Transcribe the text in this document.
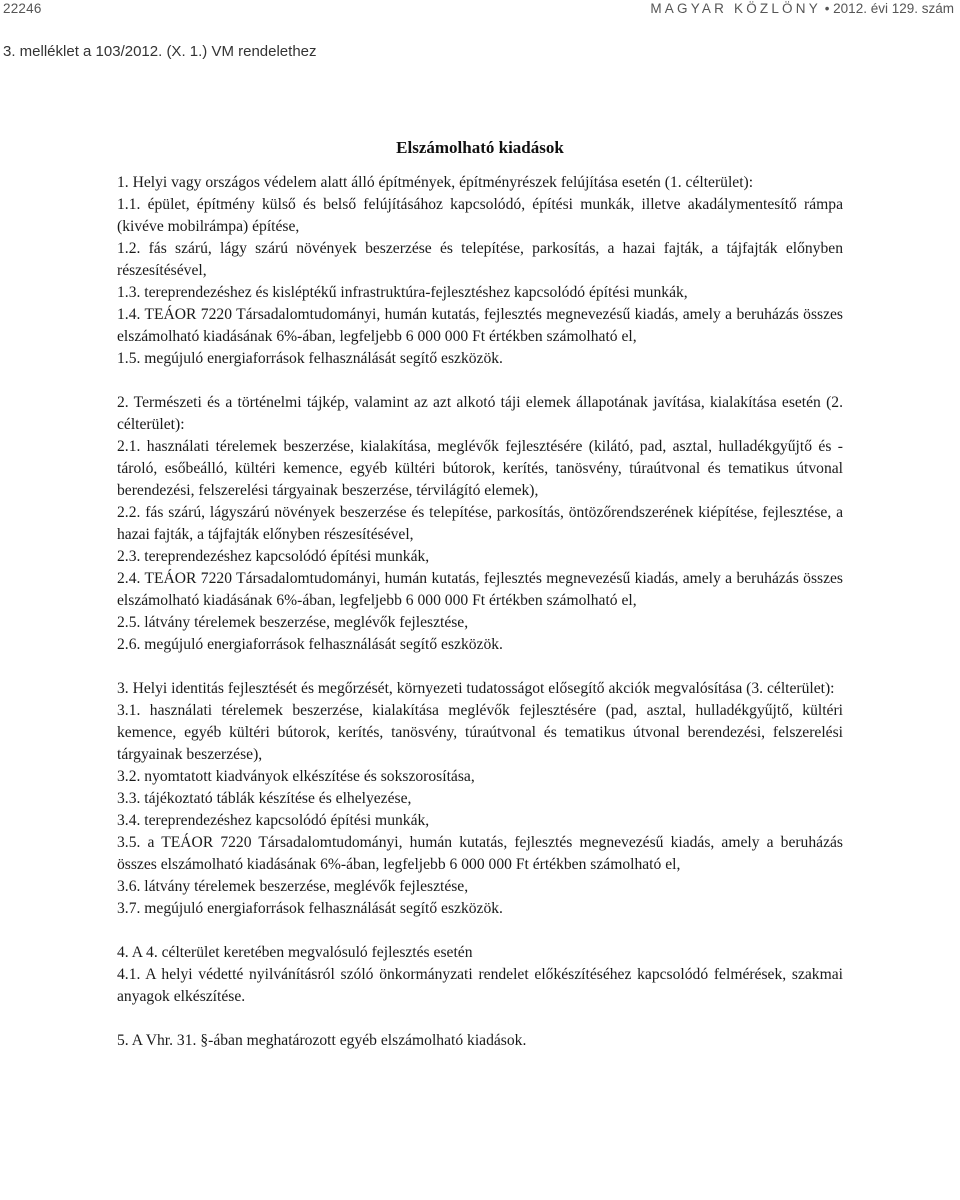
22246	MAGYAR KÖZLÖNY • 2012. évi 129. szám
3. melléklet a 103/2012. (X. 1.) VM rendelethez
Elszámolható kiadások

1. Helyi vagy országos védelem alatt álló építmények, építményrészek felújítása esetén (1. célterület):

1.1. épület, építmény külső és belső felújításához kapcsolódó, építési munkák, illetve akadálymentesítő rámpa (kivéve mobilrámpa) építése,

1.2. fás szárú, lágy szárú növények beszerzése és telepítése, parkosítás, a hazai fajták, a tájfajták előnyben részesítésével,

1.3. tereprendezéshez és kisléptékű infrastruktúra-fejlesztéshez kapcsolódó építési munkák,

1.4. TEÁOR 7220 Társadalomtudományi, humán kutatás, fejlesztés megnevezésű kiadás, amely a beruházás összes elszámolható kiadásának 6%-ában, legfeljebb 6 000 000 Ft értékben számolható el,

1.5. megújuló energiaforrások felhasználását segítő eszközök.

2. Természeti és a történelmi tájkép, valamint az azt alkotó táji elemek állapotának javítása, kialakítása esetén (2. célterület):

2.1. használati térelemek beszerzése, kialakítása, meglévők fejlesztésére (kilátó, pad, asztal, hulladékgyűjtő és -tároló, esőbeálló, kültéri kemence, egyéb kültéri bútorok, kerítés, tanösvény, túraútvonal és tematikus útvonal berendezési, felszerelési tárgyainak beszerzése, térvilágító elemek),

2.2. fás szárú, lágyszárú növények beszerzése és telepítése, parkosítás, öntözőrendszerének kiépítése, fejlesztése, a hazai fajták, a tájfajták előnyben részesítésével,

2.3. tereprendezéshez kapcsolódó építési munkák,

2.4. TEÁOR 7220 Társadalomtudományi, humán kutatás, fejlesztés megnevezésű kiadás, amely a beruházás összes elszámolható kiadásának 6%-ában, legfeljebb 6 000 000 Ft értékben számolható el,

2.5. látvány térelemek beszerzése, meglévők fejlesztése,

2.6. megújuló energiaforrások felhasználását segítő eszközök.

3. Helyi identitás fejlesztését és megőrzését, környezeti tudatosságot elősegítő akciók megvalósítása (3. célterület):

3.1. használati térelemek beszerzése, kialakítása meglévők fejlesztésére (pad, asztal, hulladékgyűjtő, kültéri kemence, egyéb kültéri bútorok, kerítés, tanösvény, túraútvonal és tematikus útvonal berendezési, felszerelési tárgyainak beszerzése),

3.2. nyomtatott kiadványok elkészítése és sokszorosítása,

3.3. tájékoztató táblák készítése és elhelyezése,

3.4. tereprendezéshez kapcsolódó építési munkák,

3.5. a TEÁOR 7220 Társadalomtudományi, humán kutatás, fejlesztés megnevezésű kiadás, amely a beruházás összes elszámolható kiadásának 6%-ában, legfeljebb 6 000 000 Ft értékben számolható el,

3.6. látvány térelemek beszerzése, meglévők fejlesztése,

3.7. megújuló energiaforrások felhasználását segítő eszközök.

4. A 4. célterület keretében megvalósuló fejlesztés esetén

4.1. A helyi védetté nyilvánításról szóló önkormányzati rendelet előkészítéséhez kapcsolódó felmérések, szakmai anyagok elkészítése.

5. A Vhr. 31. §-ában meghatározott egyéb elszámolható kiadások.
